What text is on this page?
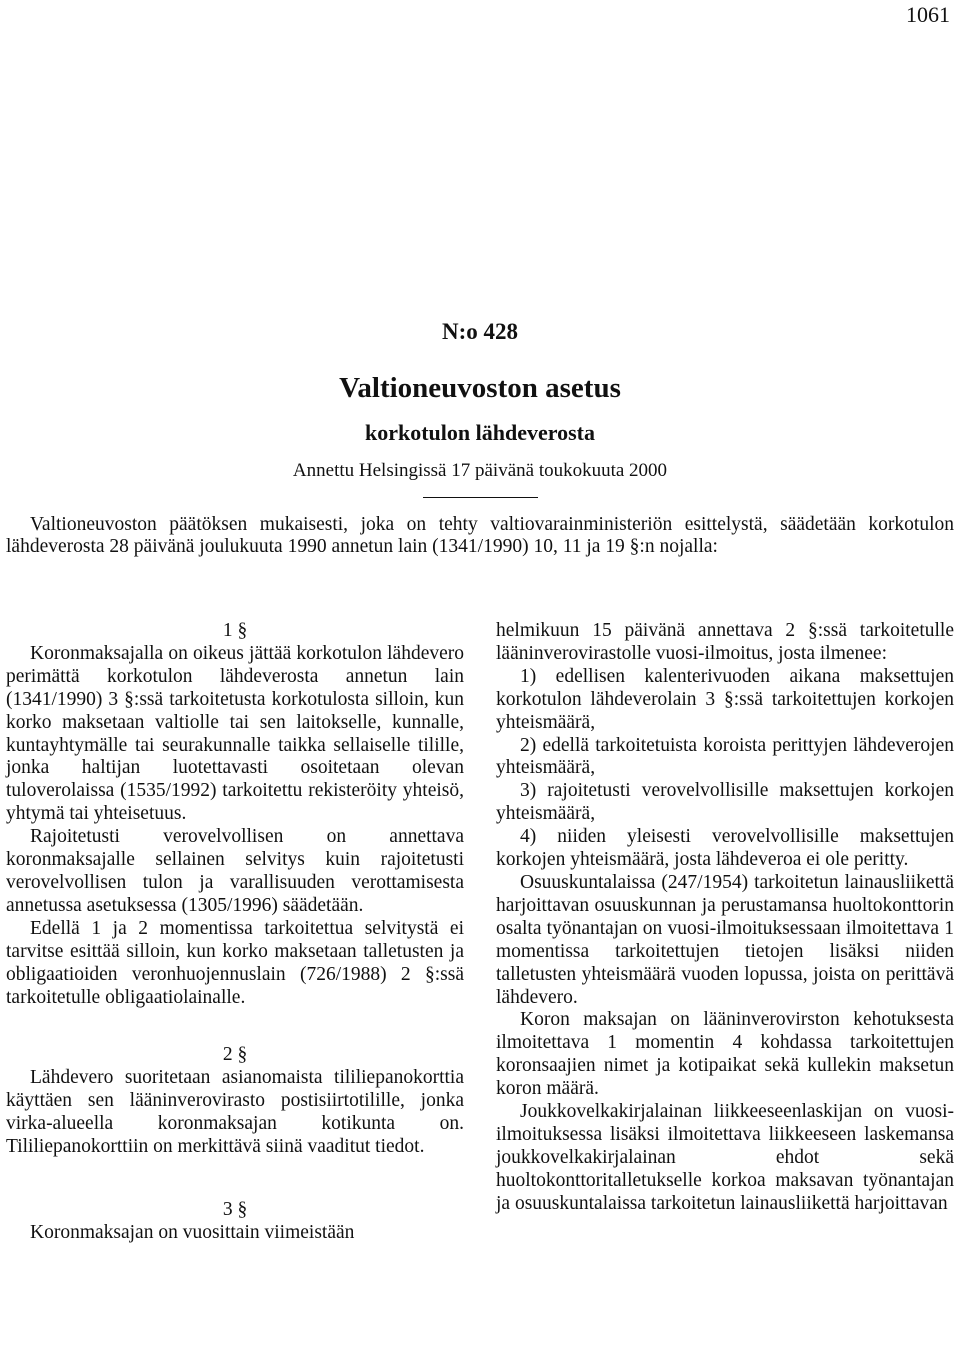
1061
N:o 428
Valtioneuvoston asetus
korkotulon lähdeverosta
Annettu Helsingissä 17 päivänä toukokuuta 2000
Valtioneuvoston päätöksen mukaisesti, joka on tehty valtiovarainministeriön esittelystä, säädetään korkotulon lähdeverosta 28 päivänä joulukuuta 1990 annetun lain (1341/1990) 10, 11 ja 19 §:n nojalla:
1 §

Koronmaksajalla on oikeus jättää korkotulon lähdevero perimättä korkotulon lähdeverosta annetun lain (1341/1990) 3 §:ssä tarkoitetusta korkotulosta silloin, kun korko maksetaan valtiolle tai sen laitokselle, kunnalle, kuntayhtymälle tai seurakunnalle taikka sellaiselle tilille, jonka haltijan luotettavasti osoitetaan olevan tuloverolaissa (1535/1992) tarkoitettu rekisteröity yhteisö, yhtymä tai yhteisetuus.

Rajoitetusti verovelvollisen on annettava koronmaksajalle sellainen selvitys kuin rajoitetusti verovelvollisen tulon ja varallisuuden verottamisesta annetussa asetuksessa (1305/1996) säädetään.

Edellä 1 ja 2 momentissa tarkoitettua selvitystä ei tarvitse esittää silloin, kun korko maksetaan talletusten ja obligaatioiden veronhuojennuslain (726/1988) 2 §:ssä tarkoitetulle obligaatiolainalle.

2 §

Lähdevero suoritetaan asianomaista tililiepanokorttia käyttäen sen lääninverovirasto postisiirtotilille, jonka virka-alueella koronmaksajan kotikunta on. Tililiepanokorttiin on merkittävä siinä vaaditut tiedot.

3 §

Koronmaksajan on vuosittain viimeistään

helmikuun 15 päivänä annettava 2 §:ssä tarkoitetulle lääninverovirastolle vuosi-ilmoitus, josta ilmenee:

1) edellisen kalenterivuoden aikana maksettujen korkotulon lähdeverolain 3 §:ssä tarkoitettujen korkojen yhteismäärä,

2) edellä tarkoitetuista koroista perittyjen lähdeverojen yhteismäärä,

3) rajoitetusti verovelvollisille maksettujen korkojen yhteismäärä,

4) niiden yleisesti verovelvollisille maksettujen korkojen yhteismäärä, josta lähdeveroa ei ole peritty.

Osuuskuntalaissa (247/1954) tarkoitetun lainausliikettä harjoittavan osuuskunnan ja perustamansa huoltokonttorin osalta työnantajan on vuosi-ilmoituksessaan ilmoitettava 1 momentissa tarkoitettujen tietojen lisäksi niiden talletusten yhteismäärä vuoden lopussa, joista on perittävä lähdevero.

Koron maksajan on lääninverovirston kehotuksesta ilmoitettava 1 momentin 4 kohdassa tarkoitettujen koronsaajien nimet ja kotipaikat sekä kullekin maksetun koron määrä.

Joukkovelkakirjalainan liikkeeseenlaskijan on vuosi-ilmoituksessa lisäksi ilmoitettava liikkeeseen laskemansa joukkovelkakirjalainan ehdot sekä huoltokonttoritalletukselle korkoa maksavan työnantajan ja osuuskuntalaissa tarkoitetun lainausliikettä harjoittavan
